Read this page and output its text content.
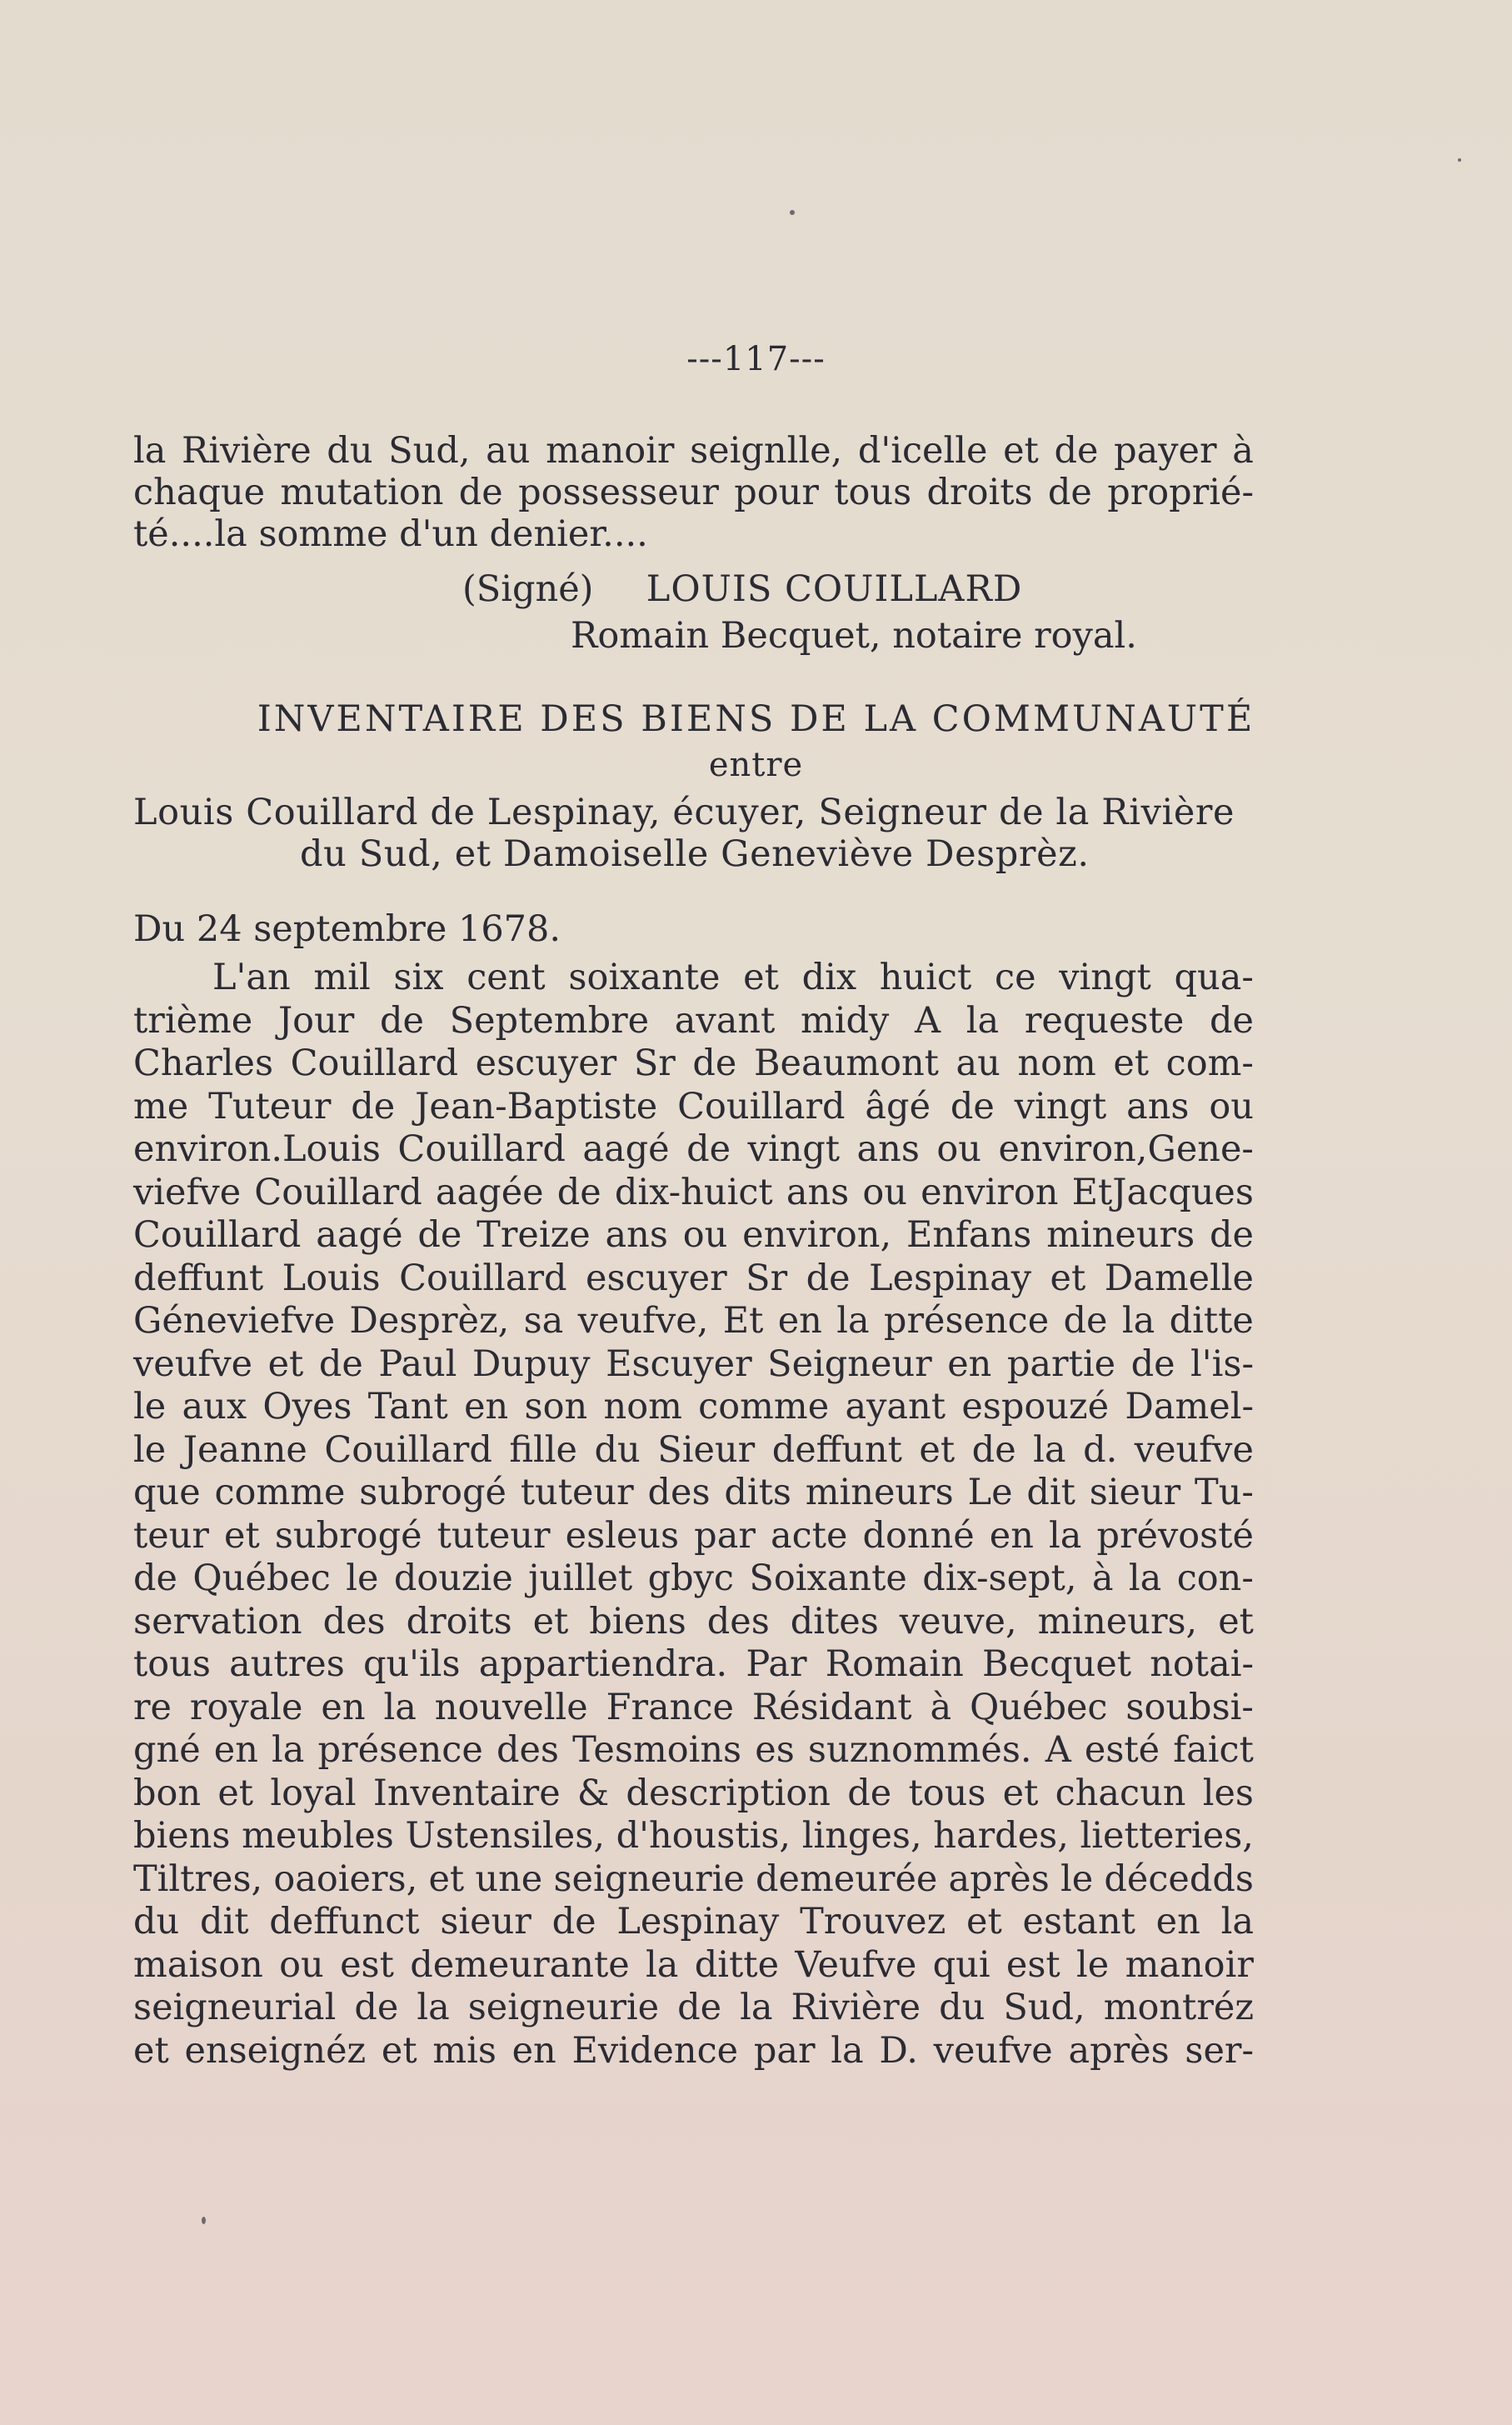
---117---
la Rivière du Sud, au manoir seignlle, d'icelle et de payer à
chaque mutation de possesseur pour tous droits de proprié-
té....la somme d'un denier....
(Signé) LOUIS COUILLARD
Romain Becquet, notaire royal.
INVENTAIRE DES BIENS DE LA COMMUNAUTÉ
entre
Louis Couillard de Lespinay, écuyer, Seigneur de la Rivière
du Sud, et Damoiselle Geneviève Desprèz.
Du 24 septembre 1678.
L'an mil six cent soixante et dix huict ce vingt qua-
trième Jour de Septembre avant midy A la requeste de
Charles Couillard escuyer Sr de Beaumont au nom et com-
me Tuteur de Jean-Baptiste Couillard âgé de vingt ans ou
environ.Louis Couillard aagé de vingt ans ou environ,Gene-
viefve Couillard aagée de dix-huict ans ou environ EtJacques
Couillard aagé de Treize ans ou environ, Enfans mineurs de
deffunt Louis Couillard escuyer Sr de Lespinay et Damelle
Géneviefve Desprèz, sa veufve, Et en la présence de la ditte
veufve et de Paul Dupuy Escuyer Seigneur en partie de l'is-
le aux Oyes Tant en son nom comme ayant espouzé Damel-
le Jeanne Couillard fille du Sieur deffunt et de la d. veufve
que comme subrogé tuteur des dits mineurs Le dit sieur Tu-
teur et subrogé tuteur esleus par acte donné en la prévosté
de Québec le douzie juillet gbyc Soixante dix-sept, à la con-
servation des droits et biens des dites veuve, mineurs, et
tous autres qu'ils appartiendra. Par Romain Becquet notai-
re royale en la nouvelle France Résidant à Québec soubsi-
gné en la présence des Tesmoins es suznommés. A esté faict
bon et loyal Inventaire & description de tous et chacun les
biens meubles Ustensiles, d'houstis, linges, hardes, lietteries,
Tiltres, oaoiers, et une seigneurie demeurée après le décedds
du dit deffunct sieur de Lespinay Trouvez et estant en la
maison ou est demeurante la ditte Veufve qui est le manoir
seigneurial de la seigneurie de la Rivière du Sud, montréz
et enseignéz et mis en Evidence par la D. veufve après ser-
